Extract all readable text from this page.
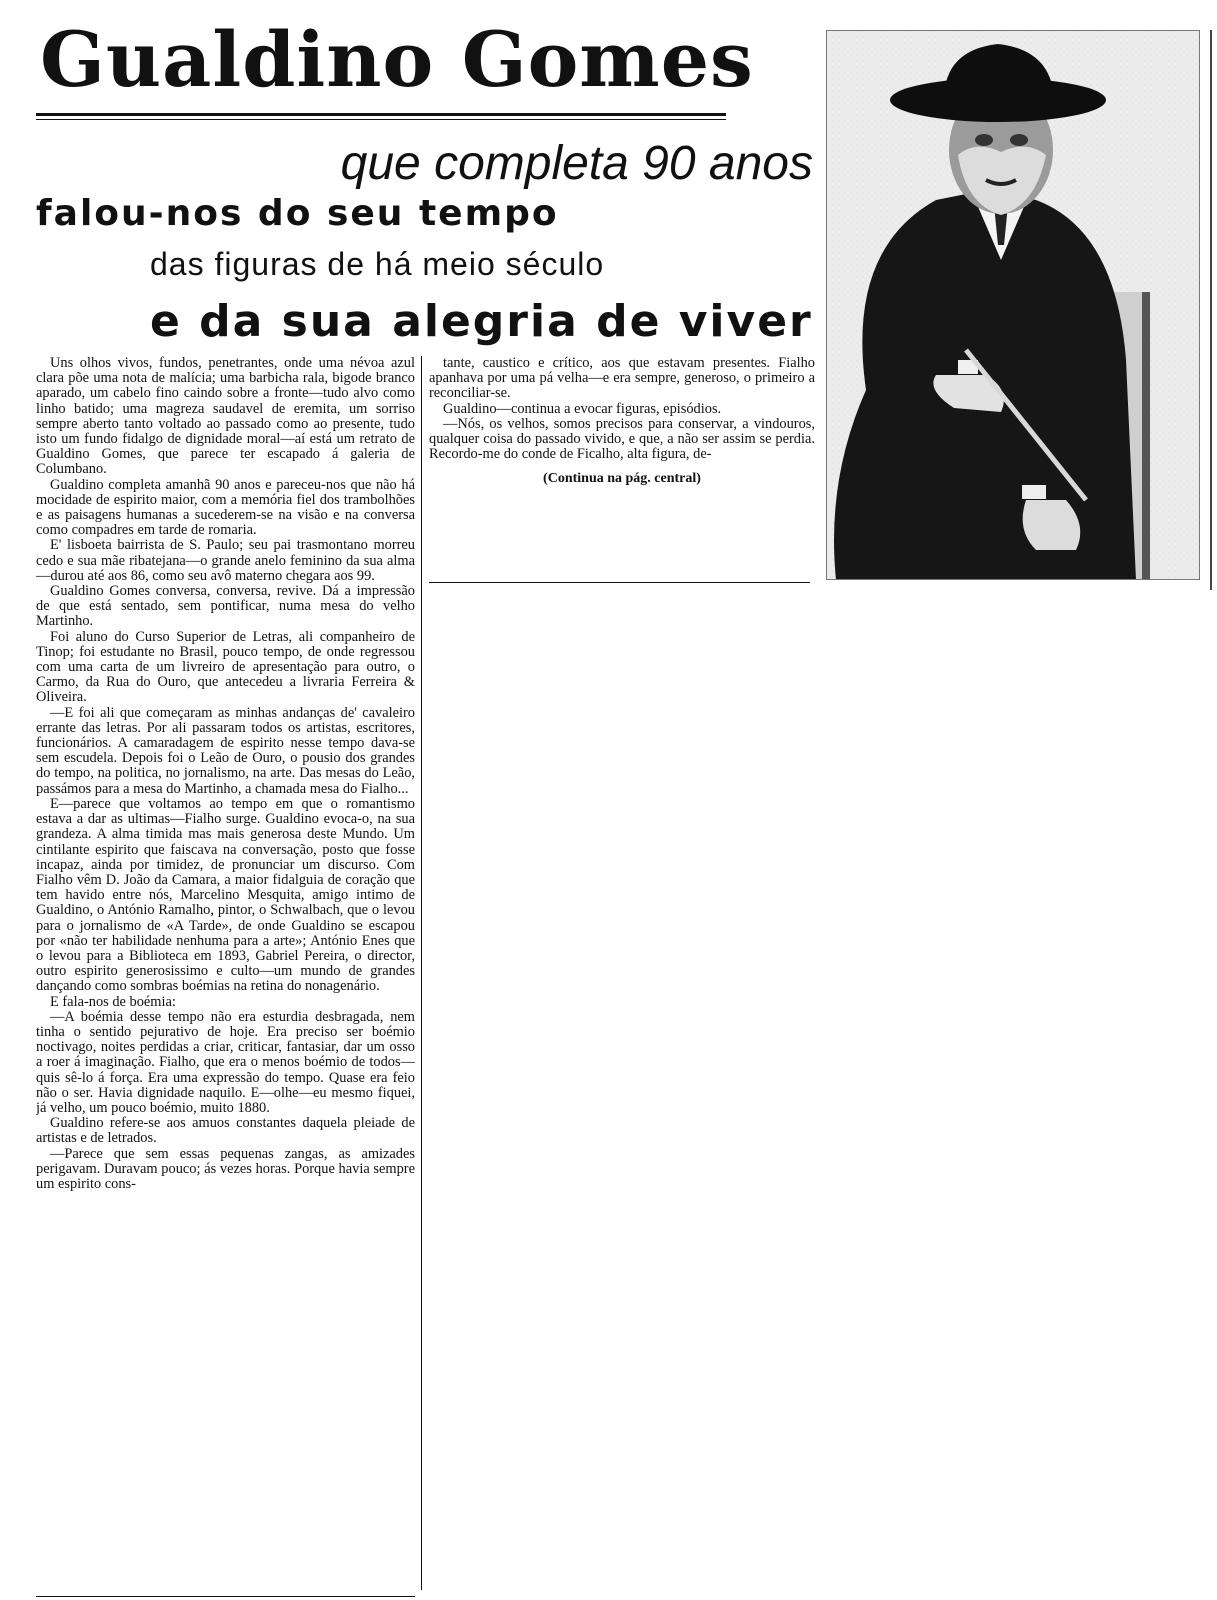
Gualdino Gomes
que completa 90 anos
falou-nos do seu tempo
das figuras de há meio século
e da sua alegria de viver

Uns olhos vivos, fundos, penetrantes, onde uma névoa azul clara põe uma nota de malícia; uma barbicha rala, bigode branco aparado, um cabelo fino caindo sobre a fronte—tudo alvo como linho batido; uma magreza saudavel de eremita, um sorriso sempre aberto tanto voltado ao passado como ao presente, tudo isto um fundo fidalgo de dignidade moral—aí está um retrato de Gualdino Gomes, que parece ter escapado á galeria de Columbano.

Gualdino completa amanhã 90 anos e pareceu-nos que não há mocidade de espirito maior, com a memória fiel dos trambolhões e as paisagens humanas a sucederem-se na visão e na conversa como compadres em tarde de romaria.

E' lisboeta bairrista de S. Paulo; seu pai trasmontano morreu cedo e sua mãe ribatejana—o grande anelo feminino da sua alma—durou até aos 86, como seu avô materno chegara aos 99.

Gualdino Gomes conversa, conversa, revive. Dá a impressão de que está sentado, sem pontificar, numa mesa do velho Martinho.

Foi aluno do Curso Superior de Letras, ali companheiro de Tinop; foi estudante no Brasil, pouco tempo, de onde regressou com uma carta de um livreiro de apresentação para outro, o Carmo, da Rua do Ouro, que antecedeu a livraria Ferreira & Oliveira.

—E foi ali que começaram as minhas andanças de' cavaleiro errante das letras. Por ali passaram todos os artistas, escritores, funcionários. A camaradagem de espirito nesse tempo dava-se sem escudela. Depois foi o Leão de Ouro, o pousio dos grandes do tempo, na politica, no jornalismo, na arte. Das mesas do Leão, passámos para a mesa do Martinho, a chamada mesa do Fialho...

E—parece que voltamos ao tempo em que o romantismo estava a dar as ultimas—Fialho surge. Gualdino evoca-o, na sua grandeza. A alma timida mas mais generosa deste Mundo. Um cintilante espirito que faiscava na conversação, posto que fosse incapaz, ainda por timidez, de pronunciar um discurso. Com Fialho vêm D. João da Camara, a maior fidalguia de coração que tem havido entre nós, Marcelino Mesquita, amigo intimo de Gualdino, o António Ramalho, pintor, o Schwalbach, que o levou para o jornalismo de «A Tarde», de onde Gualdino se escapou por «não ter habilidade nenhuma para a arte»; António Enes que o levou para a Biblioteca em 1893, Gabriel Pereira, o director, outro espirito generosissimo e culto—um mundo de grandes dançando como sombras boémias na retina do nonagenário.

E fala-nos de boémia:

—A boémia desse tempo não era esturdia desbragada, nem tinha o sentido pejurativo de hoje. Era preciso ser boémio noctivago, noites perdidas a criar, criticar, fantasiar, dar um osso a roer á imaginação. Fialho, que era o menos boémio de todos—quis sê-lo á força. Era uma expressão do tempo. Quase era feio não o ser. Havia dignidade naquilo. E—olhe—eu mesmo fiquei, já velho, um pouco boémio, muito 1880.

Gualdino refere-se aos amuos constantes daquela pleiade de artistas e de letrados.

—Parece que sem essas pequenas zangas, as amizades perigavam. Duravam pouco; ás vezes horas. Porque havia sempre um espirito cons-

tante, caustico e crítico, aos que estavam presentes. Fialho apanhava por uma pá velha—e era sempre, generoso, o primeiro a reconciliar-se.

Gualdino—continua a evocar figuras, episódios.

—Nós, os velhos, somos precisos para conservar, a vindouros, qualquer coisa do passado vivido, e que, a não ser assim se perdia. Recordo-me do conde de Ficalho, alta figura, de-

(Continua na pág. central)
